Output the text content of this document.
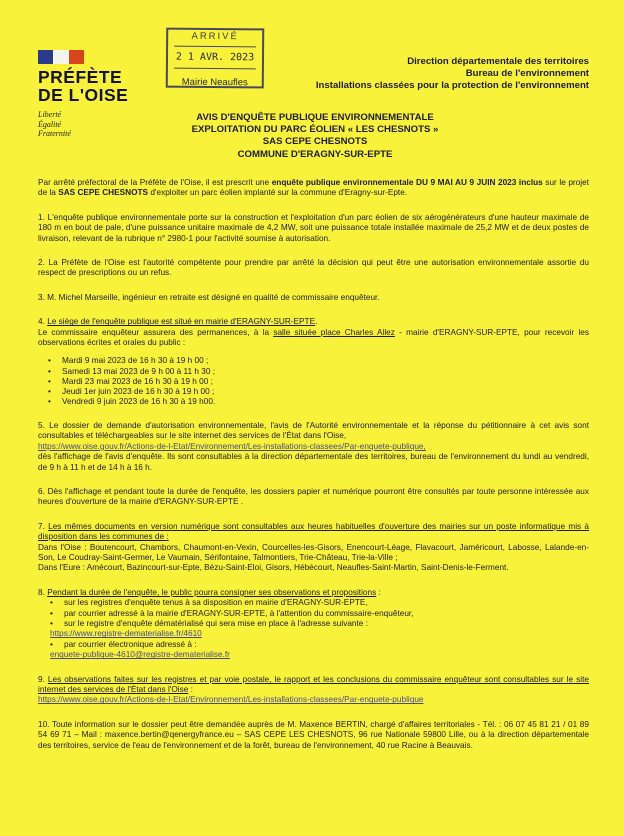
ARRIVÉ
2 1 AVR. 2023
Mairie Neaufles
PRÉFÈTE
DE L'OISE
Liberté
Égalité
Fraternité
Direction départementale des territoires
Bureau de l'environnement
Installations classées pour la protection de l'environnement
AVIS D'ENQUÊTE PUBLIQUE ENVIRONNEMENTALE
EXPLOITATION DU PARC ÉOLIEN « LES CHESNOTS »
SAS CEPE CHESNOTS
COMMUNE D'ERAGNY-SUR-EPTE

Par arrêté préfectoral de la Préfète de l'Oise, il est prescrit une enquête publique environnementale DU 9 MAI AU 9 JUIN 2023 inclus sur le projet de la SAS CEPE CHESNOTS d'exploiter un parc éolien implanté sur la commune d'Eragny-sur-Epte.

1. L'enquête publique environnementale porte sur la construction et l'exploitation d'un parc éolien de six aérogénérateurs d'une hauteur maximale de 180 m en bout de pale, d'une puissance unitaire maximale de 4,2 MW, soit une puissance totale installée maximale de 25,2 MW et de deux postes de livraison, relevant de la rubrique n° 2980-1 pour l'activité soumise à autorisation.

2. La Préfète de l'Oise est l'autorité compétente pour prendre par arrêté la décision qui peut être une autorisation environnementale assortie du respect de prescriptions ou un refus.

3. M. Michel Marseille, ingénieur en retraite est désigné en qualité de commissaire enquêteur.

4. Le siège de l'enquête publique est situé en mairie d'ERAGNY-SUR-EPTE.
Le commissaire enquêteur assurera des permanences, à la salle située place Charles Allez - mairie d'ERAGNY-SUR-EPTE, pour recevoir les observations écrites et orales du public :

• Mardi 9 mai 2023 de 16 h 30 à 19 h 00 ;
• Samedi 13 mai 2023 de 9 h 00 à 11 h 30 ;
• Mardi 23 mai 2023 de 16 h 30 à 19 h 00 ;
• Jeudi 1er juin 2023 de 16 h 30 à 19 h 00 ;
• Vendredi 9 juin 2023 de 16 h 30 à 19 h00.

5. Le dossier de demande d'autorisation environnementale, l'avis de l'Autorité environnementale et la réponse du pétitionnaire à cet avis sont consultables et téléchargeables sur le site internet des services de l'État dans l'Oise,
https://www.oise.gouv.fr/Actions-de-l-Etat/Environnement/Les-installations-classees/Par-enquete-publique,
dès l'affichage de l'avis d'enquête. Ils sont consultables à la direction départementale des territoires, bureau de l'environnement du lundi au vendredi, de 9 h à 11 h et de 14 h à 16 h.

6. Dès l'affichage et pendant toute la durée de l'enquête, les dossiers papier et numérique pourront être consultés par toute personne intéressée aux heures d'ouverture de la mairie d'ERAGNY-SUR-EPTE .

7. Les mêmes documents en version numérique sont consultables aux heures habituelles d'ouverture des mairies sur un poste informatique mis à disposition dans les communes de :
Dans l'Oise : Boutencourt, Chambors, Chaumont-en-Vexin, Courcelles-les-Gisors, Enencourt-Léage, Flavacourt, Jaméricourt, Labosse, Lalande-en-Son, Le Coudray-Saint-Germer, Le Vaumain, Sérifontaine, Talmontiers, Trie-Château, Trie-la-Ville ;
Dans l'Eure : Amécourt, Bazincourt-sur-Epte, Bézu-Saint-Eloi, Gisors, Hébécourt, Neaufles-Saint-Martin, Saint-Denis-le-Ferment.

8. Pendant la durée de l'enquête, le public pourra consigner ses observations et propositions :

• sur les registres d'enquête tenus à sa disposition en mairie d'ERAGNY-SUR-EPTE,
• par courrier adressé à la mairie d'ERAGNY-SUR-EPTE, à l'attention du commissaire-enquêteur,
• sur le registre d'enquête dématérialisé qui sera mise en place à l'adresse suivante :
https://www.registre-dematerialise.fr/4610
• par courrier électronique adressé à :
enquete-publique-4610@registre-dematerialise.fr

9. Les observations faites sur les registres et par voie postale, le rapport et les conclusions du commissaire enquêteur sont consultables sur le site internet des services de l'État dans l'Oise :
https://www.oise.gouv.fr/Actions-de-l-Etat/Environnement/Les-installations-classees/Par-enquete-publique

10. Toute information sur le dossier peut être demandée auprès de M. Maxence BERTIN, chargé d'affaires territoriales - Tél. : 06 07 45 81 21 / 01 89 54 69 71 – Mail : maxence.bertin@qenergyfrance.eu – SAS CEPE LES CHESNOTS, 96 rue Nationale 59800 Lille, ou à la direction départementale des territoires, service de l'eau de l'environnement et de la forêt, bureau de l'environnement, 40 rue Racine à Beauvais.
